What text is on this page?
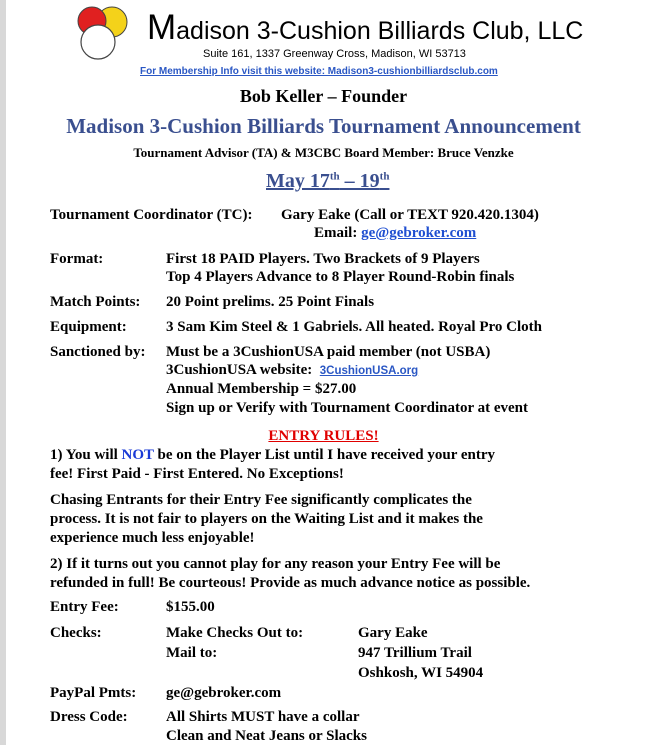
Madison 3-Cushion Billiards Club, LLC
Suite 161, 1337 Greenway Cross, Madison, WI 53713
For Membership Info visit this website: Madison3-cushionbilliardsclub.com
Bob Keller – Founder
Madison 3-Cushion Billiards Tournament Announcement
Tournament Advisor (TA) & M3CBC Board Member: Bruce Venzke
May 17th – 19th
Tournament Coordinator (TC): Gary Eake (Call or TEXT 920.420.1304)
Email: ge@gebroker.com
Format:	First 18 PAID Players. Two Brackets of 9 Players
Top 4 Players Advance to 8 Player Round-Robin finals
Match Points: 20 Point prelims. 25 Point Finals
Equipment:	3 Sam Kim Steel & 1 Gabriels. All heated. Royal Pro Cloth
Sanctioned by: Must be a 3CushionUSA paid member (not USBA)
3CushionUSA website: 3CushionUSA.org
Annual Membership = $27.00
Sign up or Verify with Tournament Coordinator at event
ENTRY RULES!
1) You will NOT be on the Player List until I have received your entry
fee! First Paid - First Entered. No Exceptions!
Chasing Entrants for their Entry Fee significantly complicates the
process. It is not fair to players on the Waiting List and it makes the
experience much less enjoyable!
2) If it turns out you cannot play for any reason your Entry Fee will be
refunded in full! Be courteous! Provide as much advance notice as possible.
Entry Fee:	$155.00
Checks:	Make Checks Out to:	Gary Eake
Mail to:	947 Trillium Trail
Oshkosh, WI 54904
PayPal Pmts: ge@gebroker.com
Dress Code:	All Shirts MUST have a collar
Clean and Neat Jeans or Slacks
